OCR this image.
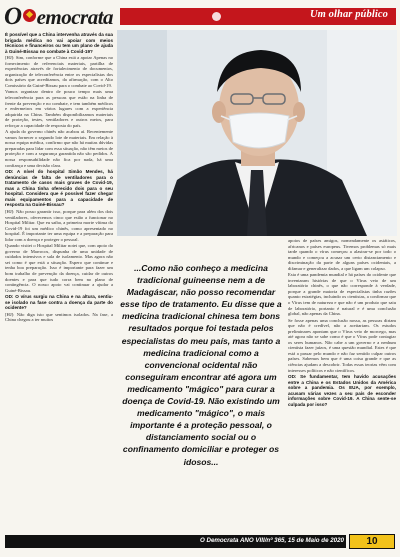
O emocrata	Um olhar público

É possível que a China intervenha através da sua brigada médica no vai apoiar com meios técnicos e financeiros ou tem um plano de ajuda à Guiné-Bissau no combate à Covid-19?

[HJ]: Sim, conforme que a China está a apoiar Apenas no fornecimento de referenciais materiais, partilha de experiências através de fortalecimento de documentos, organização de teleconferência entre os especialistas dos dois países que acreditamos, da afirmação, com o Alto Comissário da Guiné-Bissau para o combate ao Covid-19.

Vamos organizar dentro de pouco tempo mais uma teleconferência para as pessoas que estão na linha de frente da prevenção e no combate, e tem também médicos e enfermeiros em vários lugares com a experiência adquirida na China. Também disponibilizamos materiais de proteção, testes, ventiladores e outros meios, para reforçar a capacidade de resposta do país.

A ajuda do governo chinês não acabou aí. Recentemente vamos fornecer o segundo lote de materiais. Em relação à nossa equipa médica, confirmo que não há muitas dúvidas preparadas para lidar com essa situação, não têm meios de proteção e com a segurança garantida não são pedidos. A nossa responsabilidade não fica por nada, há uma confiança e uma decisão clara.

OD: A nível do hospital Simão Mendes, há denúncias de falta de ventiladores para o tratamento de casos mais graves de Covid-19, mas a China tinha oferecido dois para o seu hospital. Considera que é possível fazer chegar mais equipamentos para a capacidade de resposta na Guiné-Bissau?

[HJ]: Não posso garantir isso, porque para além dos dois ventiladores, oferecemos cinco que estão a funcionar no Hospital Militar. Que eu saiba, a primeira morte vítima do Covid-19 foi um médico chinês, como apresentado no hospital. É importante ter uma equipa e a preparação para lidar com a doença e proteger o pessoal.

Quando visitei o Hospital Militar notei que, com apoio do governo de Marrocos, dispunha de uma unidade de cuidados intensivos e sala de isolamento. Mas agora não sei como é que está a situação. Espero que continue e tenha boa preparação. Isso é importante para fazer um bom trabalho de prevenção da doença, cuidar de outros doentes e para que tudo corra bem no plano de contingência. O nosso apoio vai continuar a ajudar a Guiné-Bissau.

OD: O vírus surgiu na China e na altura, sentiu-se isolado na fase contra a doença da parte do ocidente?

[HJ]: Não diga isto que sentimos isolados. Na fase, a China chegou a ter muitos

...Como não conheço a medicina tradicional guineense nem a de Madagáscar, não posso recomendar esse tipo de tratamento. Eu disse que a medicina tradicional chinesa tem bons resultados porque foi testada pelos especialistas do meu país, mas tanto a medicina tradicional como a convencional ocidental não conseguiram encontrar até agora um medicamento "mágico" para curar a doença de Covid-19. Não existindo um medicamento "mágico", o mais importante é a proteção pessoal, o distanciamento social ou o confinamento domiciliar e proteger os idosos...

apoios de países amigos, nomeadamente os asiáticos, africanos e países europeus. Tivemos problemas só mais tarde quando o vírus começou a alastrar-se por todo o mundo e começou a acusar um certo distanciamento e discriminação da parte de alguns países ocidentais, a difamar e generalizar dados, a que ligam um colapso.

Esta é uma pandemia mundial e há países do ocidente que inventaram histórias de que o Vírus veio de um laboratório chinês, o que não corresponde à verdade, porque a grande maioria de especialistas tinha razões quanto estratégias, incluindo os cientistas, a confirmar que o Vírus tem de natureza e que não é um produto que saiu de laboratório, portanto é natural e é uma conclusão global, não apenas da China.

Se fosse apenas uma conclusão nossa, as pessoas diriam que não é credível, não a aceitariam. Os estudos preliminares apontam que o Vírus veio de morcego, mas até agora não se sabe como é que o Vírus pode contagiar os seres humanos. Não cabe a um governo e a nenhum cientista fazer juízos, é uma questão mundial. Estes é que está a passar pelo mundo e não faz sentido culpar outros países. Sabemos bem que é uma coisa grande e que as ciências ajudam a descobrir. Todas essas teorias vêm com interesses políticos e não científicos.

OD: Se fundamentar, tem havido acusações entre a China e os Estados Unidos da América sobre a pandemia. Os EUA, por exemplo, acusam várias vezes a seu país de esconder informações sobre Covid-19. A China sente-se culpada por isso?

O Democrata ANO VIII/nº 365, 15 de Maio de 2020	10
